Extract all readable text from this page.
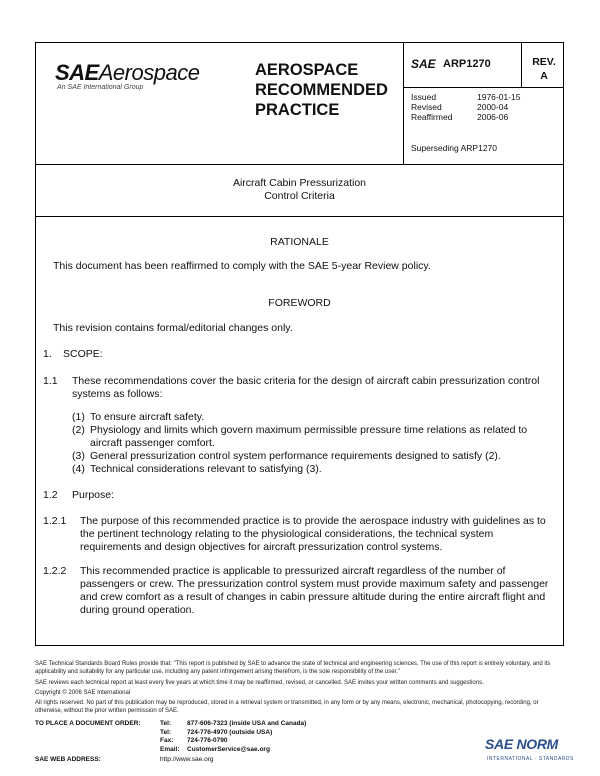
SAEAerospace
An SAE International Group
AEROSPACE
RECOMMENDED
PRACTICE
SAE ARP1270	REV.
A
Issued	1976-01-15
Revised	2000-04
Reaffirmed	2006-06
Superseding ARP1270
Aircraft Cabin Pressurization
Control Criteria
RATIONALE
This document has been reaffirmed to comply with the SAE 5-year Review policy.
FOREWORD
This revision contains formal/editorial changes only.
1. SCOPE:
1.1 These recommendations cover the basic criteria for the design of aircraft cabin pressurization control systems as follows:
(1) To ensure aircraft safety.
(2) Physiology and limits which govern maximum permissible pressure time relations as related to aircraft passenger comfort.
(3) General pressurization control system performance requirements designed to satisfy (2).
(4) Technical considerations relevant to satisfying (3).
1.2 Purpose:
1.2.1 The purpose of this recommended practice is to provide the aerospace industry with guidelines as to the pertinent technology relating to the physiological considerations, the technical system requirements and design objectives for aircraft pressurization control systems.
1.2.2 This recommended practice is applicable to pressurized aircraft regardless of the number of passengers or crew. The pressurization control system must provide maximum safety and passenger and crew comfort as a result of changes in cabin pressure altitude during the entire aircraft flight and during ground operation.
SAE Technical Standards Board Rules provide that: "This report is published by SAE to advance the state of technical and engineering sciences. The use of this report is entirely voluntary, and its applicability and suitability for any particular use, including any patent infringement arising therefrom, is the sole responsibility of the user."
SAE reviews each technical report at least every five years at which time it may be reaffirmed, revised, or cancelled. SAE invites your written comments and suggestions.
Copyright © 2006 SAE International
All rights reserved. No part of this publication may be reproduced, stored in a retrieval system or transmitted, in any form or by any means, electronic, mechanical, photocopying, recording, or otherwise, without the prior written permission of SAE.
TO PLACE A DOCUMENT ORDER:	Tel:	877-606-7323 (inside USA and Canada)
Tel:	724-776-4970 (outside USA)
Fax:	724-776-0790
Email:	CustomerService@sae.org
SAE WEB ADDRESS:	http://www.sae.org
SAE NORM
INTERNATIONAL · STANDARDS
